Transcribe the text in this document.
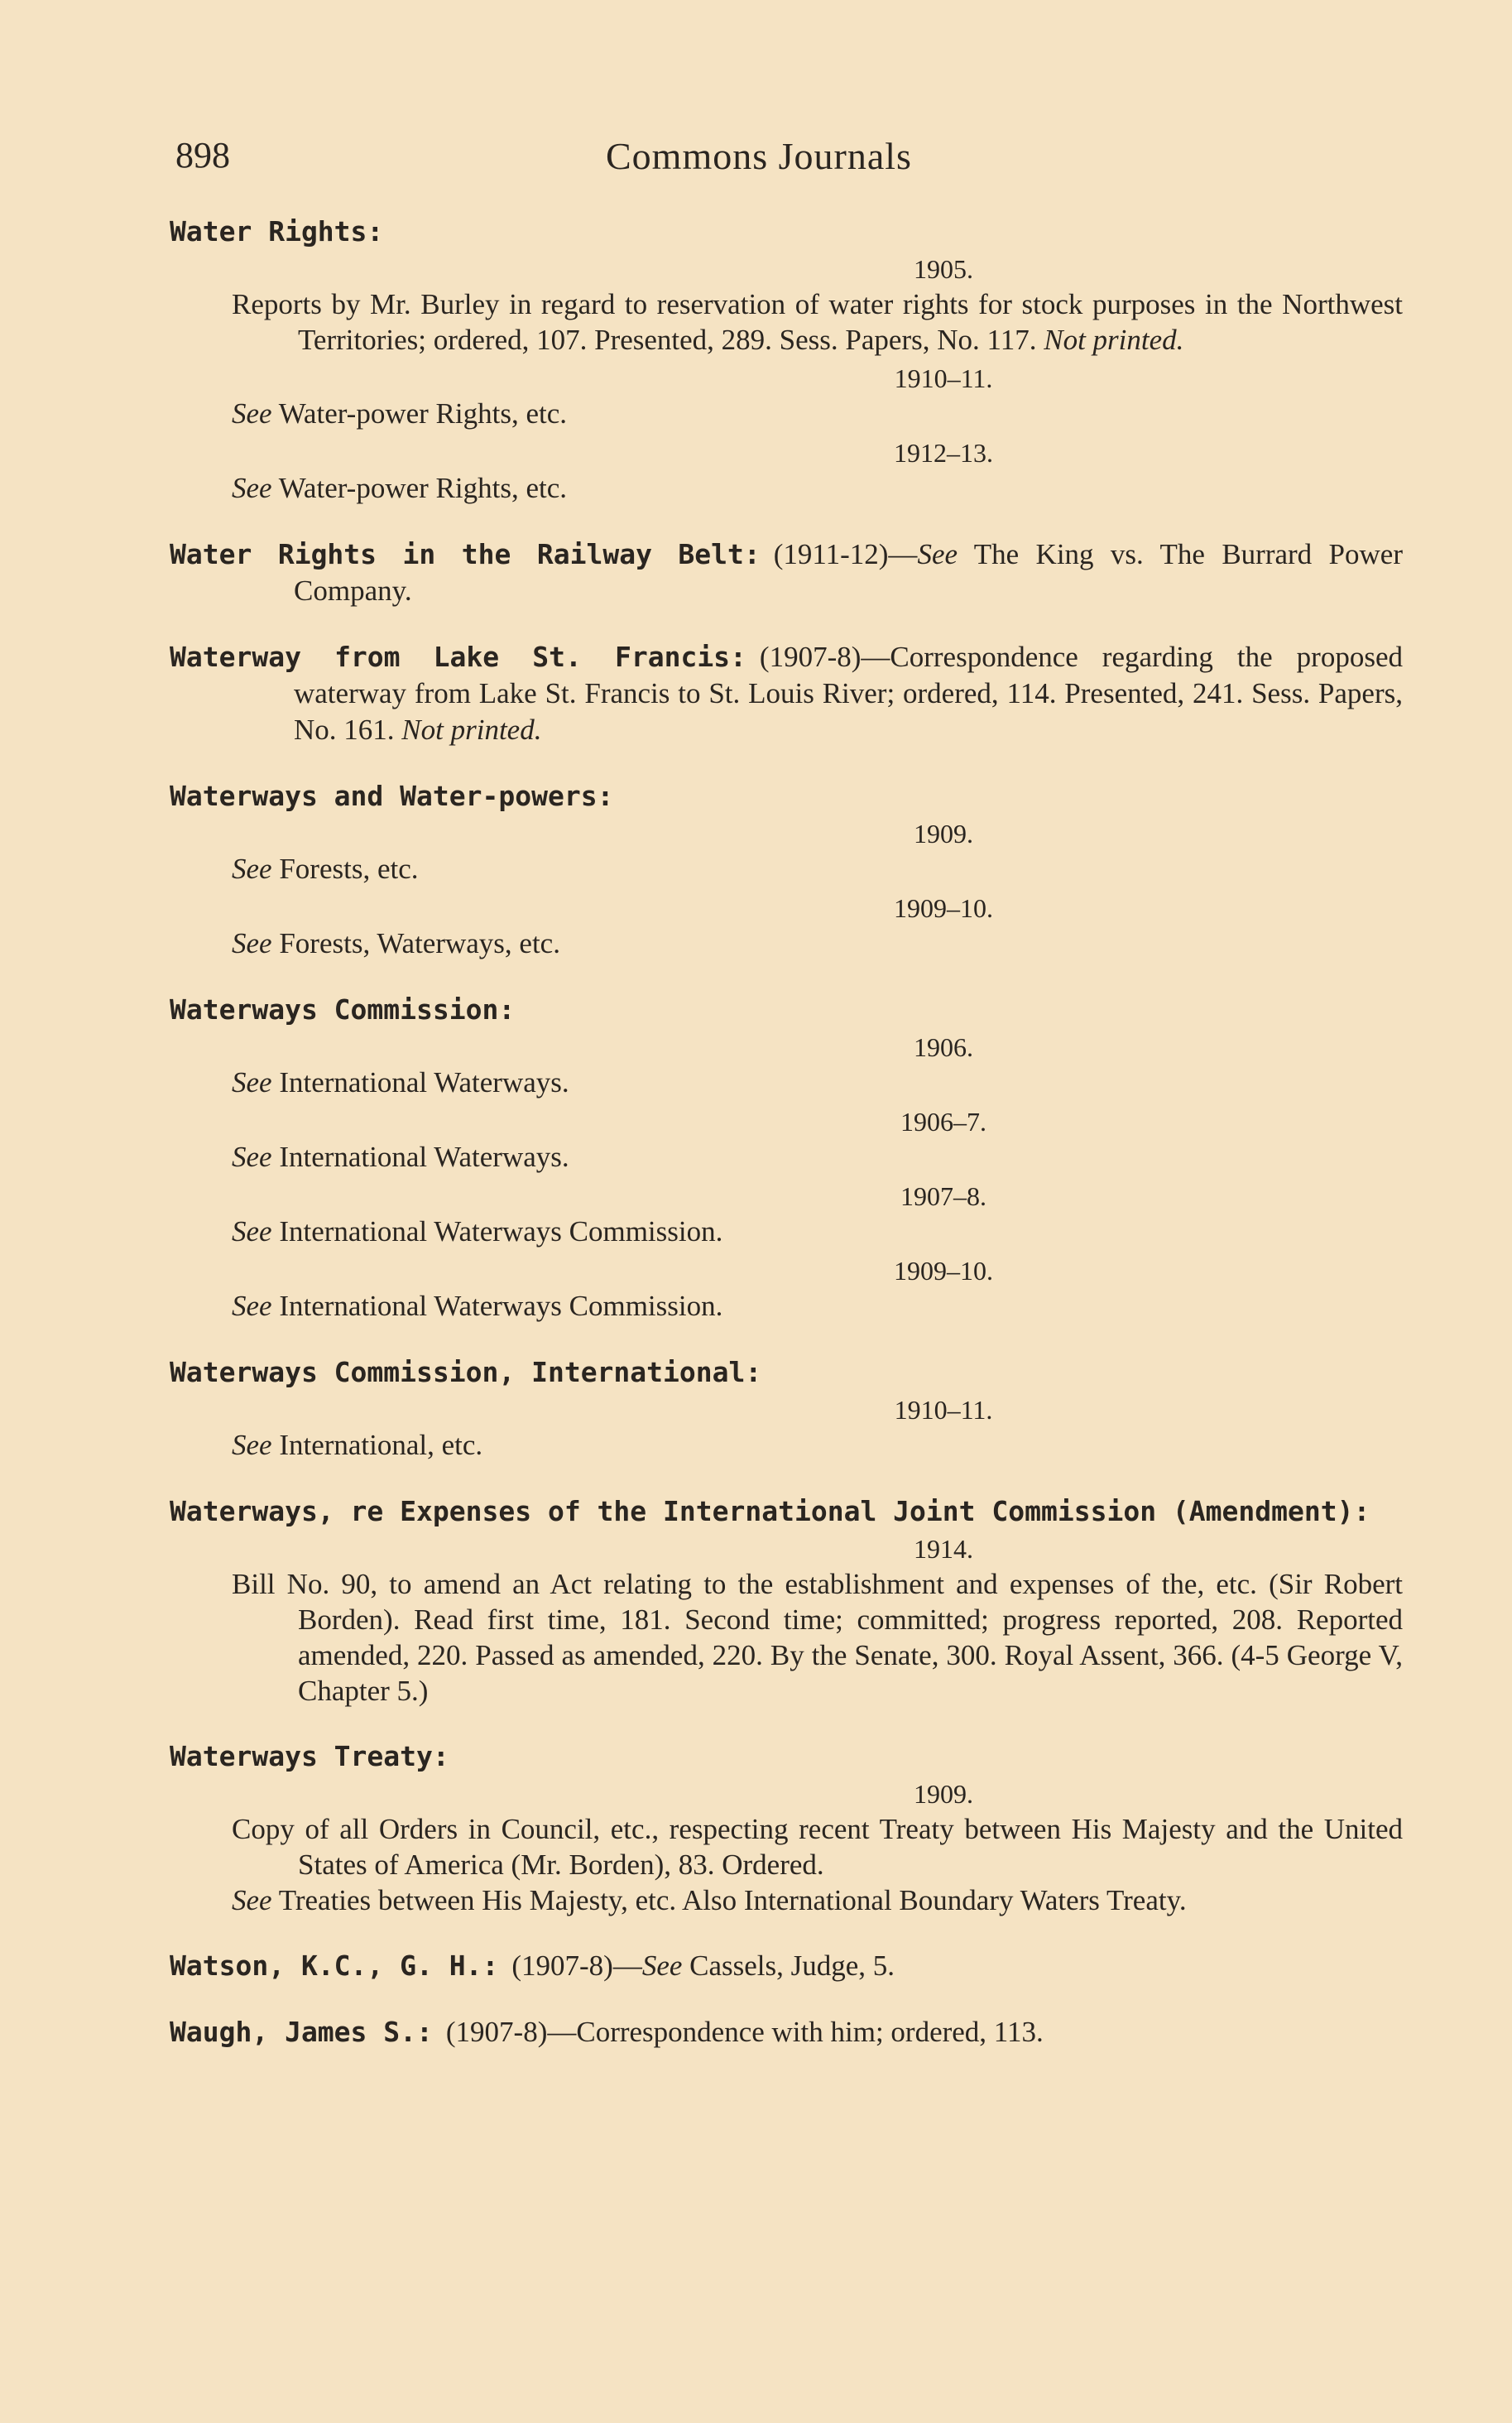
898	Commons Journals
Water Rights:
1905.
Reports by Mr. Burley in regard to reservation of water rights for stock purposes in the Northwest Territories; ordered, 107. Presented, 289. Sess. Papers, No. 117. Not printed.
1910–11.
See Water-power Rights, etc.
1912–13.
See Water-power Rights, etc.
Water Rights in the Railway Belt: (1911-12)—See The King vs. The Burrard Power Company.
Waterway from Lake St. Francis: (1907-8)—Correspondence regarding the proposed waterway from Lake St. Francis to St. Louis River; ordered, 114. Presented, 241. Sess. Papers, No. 161. Not printed.
Waterways and Water-powers:
1909.
See Forests, etc.
1909–10.
See Forests, Waterways, etc.
Waterways Commission:
1906.
See International Waterways.
1906–7.
See International Waterways.
1907–8.
See International Waterways Commission.
1909–10.
See International Waterways Commission.
Waterways Commission, International:
1910–11.
See International, etc.
Waterways, re Expenses of the International Joint Commission (Amendment):
1914.
Bill No. 90, to amend an Act relating to the establishment and expenses of the, etc. (Sir Robert Borden). Read first time, 181. Second time; committed; progress reported, 208. Reported amended, 220. Passed as amended, 220. By the Senate, 300. Royal Assent, 366. (4-5 George V, Chapter 5.)
Waterways Treaty:
1909.
Copy of all Orders in Council, etc., respecting recent Treaty between His Majesty and the United States of America (Mr. Borden), 83. Ordered.
See Treaties between His Majesty, etc. Also International Boundary Waters Treaty.
Watson, K.C., G. H.: (1907-8)—See Cassels, Judge, 5.
Waugh, James S.: (1907-8)—Correspondence with him; ordered, 113.
